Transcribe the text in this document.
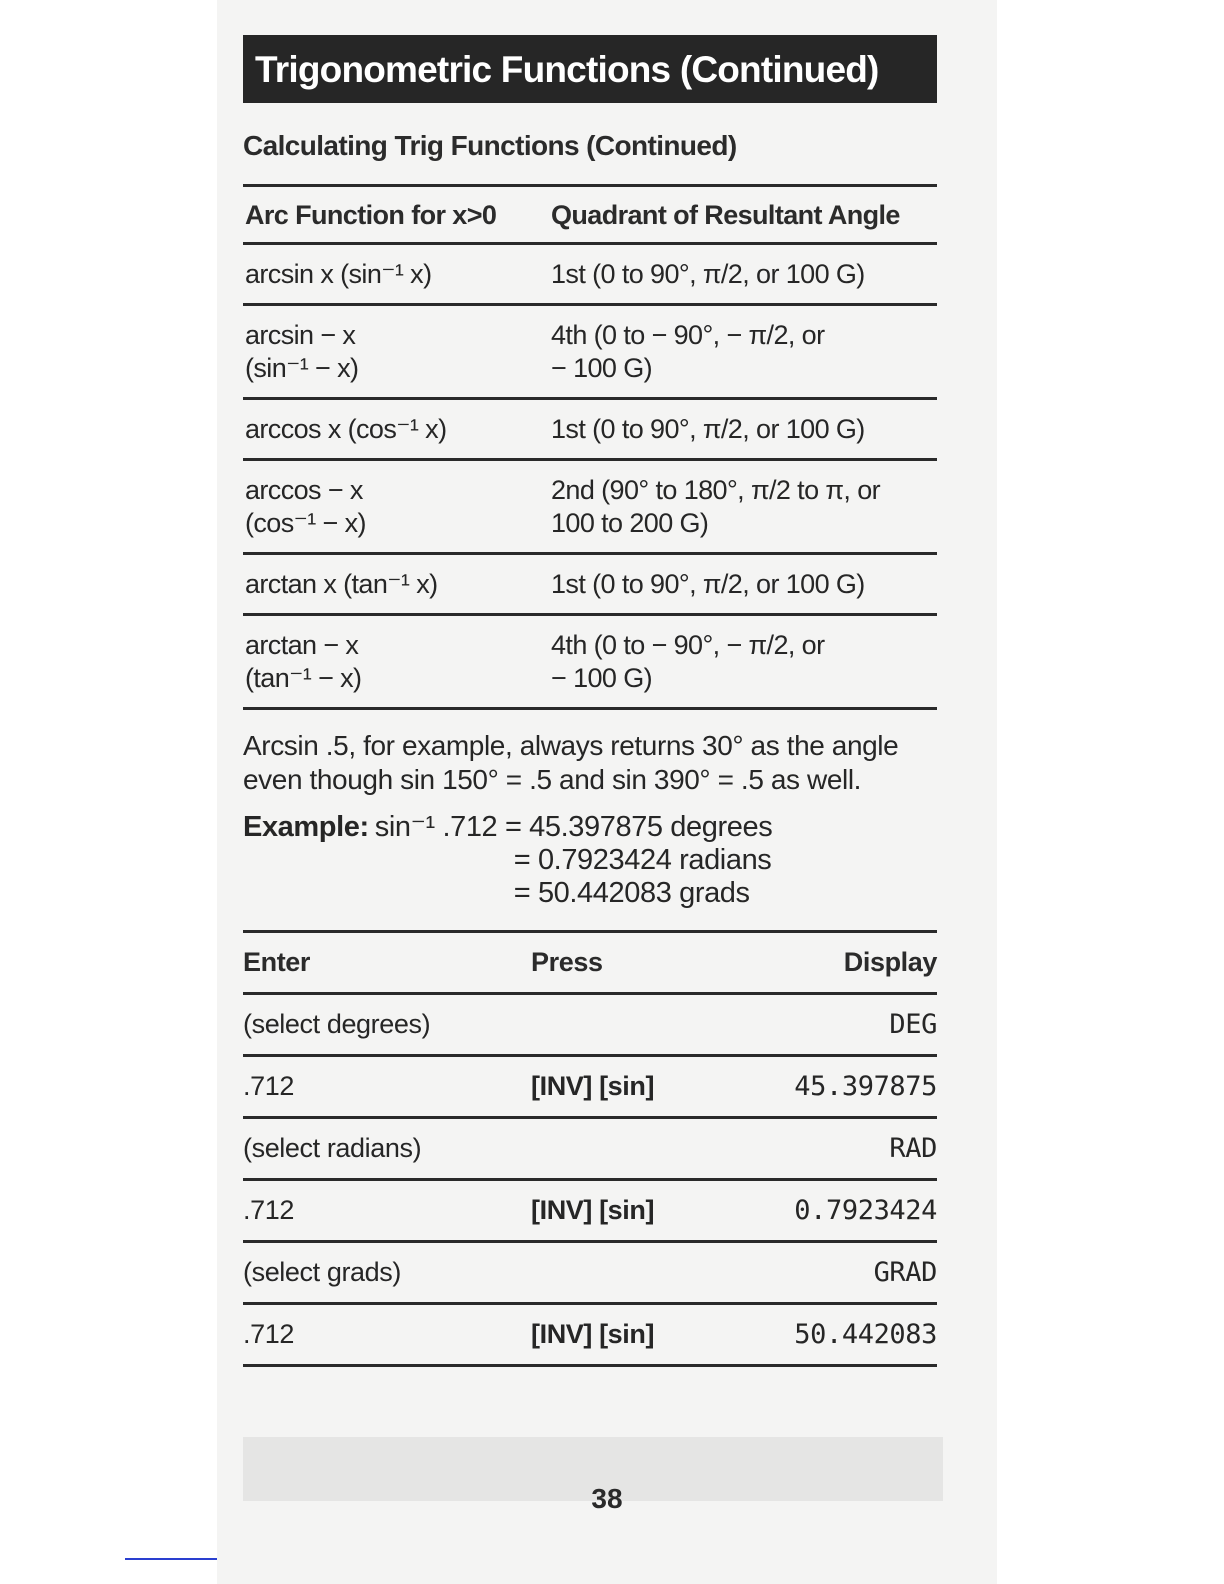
Trigonometric Functions (Continued)
Calculating Trig Functions (Continued)
Arc Function for x>0	Quadrant of Resultant Angle
arcsin x (sin⁻¹ x)	1st (0 to 90°, π/2, or 100 G)
arcsin − x
(sin⁻¹ − x)	4th (0 to − 90°, − π/2, or
− 100 G)
arccos x (cos⁻¹ x)	1st (0 to 90°, π/2, or 100 G)
arccos − x
(cos⁻¹ − x)	2nd (90° to 180°, π/2 to π, or
100 to 200 G)
arctan x (tan⁻¹ x)	1st (0 to 90°, π/2, or 100 G)
arctan − x
(tan⁻¹ − x)	4th (0 to − 90°, − π/2, or
− 100 G)
Arcsin .5, for example, always returns 30° as the angle even though sin 150° = .5 and sin 390° = .5 as well.
Example: sin⁻¹ .712 = 45.397875 degrees
= 0.7923424 radians
= 50.442083 grads
Enter	Press	Display
(select degrees)		DEG
.712	[INV] [sin]	45.397875
(select radians)		RAD
.712	[INV] [sin]	0.7923424
(select grads)		GRAD
.712	[INV] [sin]	50.442083
38
